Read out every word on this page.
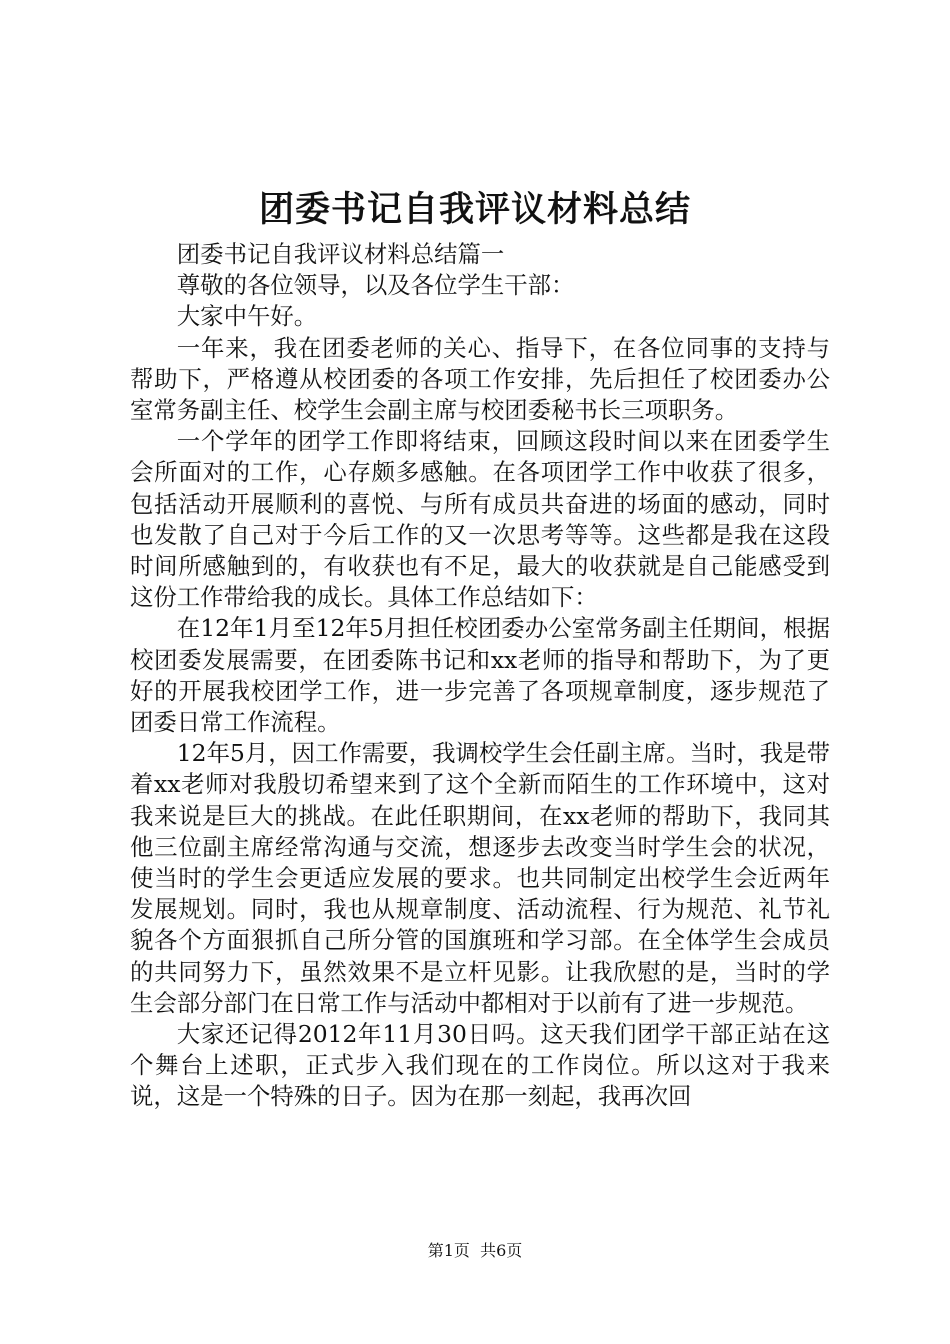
团委书记自我评议材料总结

团委书记自我评议材料总结篇一

尊敬的各位领导，以及各位学生干部：

大家中午好。

一年来，我在团委老师的关心、指导下，在各位同事的支持与帮助下，严格遵从校团委的各项工作安排，先后担任了校团委办公室常务副主任、校学生会副主席与校团委秘书长三项职务。

一个学年的团学工作即将结束，回顾这段时间以来在团委学生会所面对的工作，心存颇多感触。在各项团学工作中收获了很多，包括活动开展顺利的喜悦、与所有成员共奋进的场面的感动，同时也发散了自己对于今后工作的又一次思考等等。这些都是我在这段时间所感触到的，有收获也有不足，最大的收获就是自己能感受到这份工作带给我的成长。具体工作总结如下：

在12年1月至12年5月担任校团委办公室常务副主任期间，根据校团委发展需要，在团委陈书记和xx老师的指导和帮助下，为了更好的开展我校团学工作，进一步完善了各项规章制度，逐步规范了团委日常工作流程。

12年5月，因工作需要，我调校学生会任副主席。当时，我是带着xx老师对我殷切希望来到了这个全新而陌生的工作环境中，这对我来说是巨大的挑战。在此任职期间，在xx老师的帮助下，我同其他三位副主席经常沟通与交流，想逐步去改变当时学生会的状况，使当时的学生会更适应发展的要求。也共同制定出校学生会近两年发展规划。同时，我也从规章制度、活动流程、行为规范、礼节礼貌各个方面狠抓自己所分管的国旗班和学习部。在全体学生会成员的共同努力下，虽然效果不是立杆见影。让我欣慰的是，当时的学生会部分部门在日常工作与活动中都相对于以前有了进一步规范。

大家还记得2012年11月30日吗。这天我们团学干部正站在这个舞台上述职，正式步入我们现在的工作岗位。所以这对于我来说，这是一个特殊的日子。因为在那一刻起，我再次回

第1页 共6页
